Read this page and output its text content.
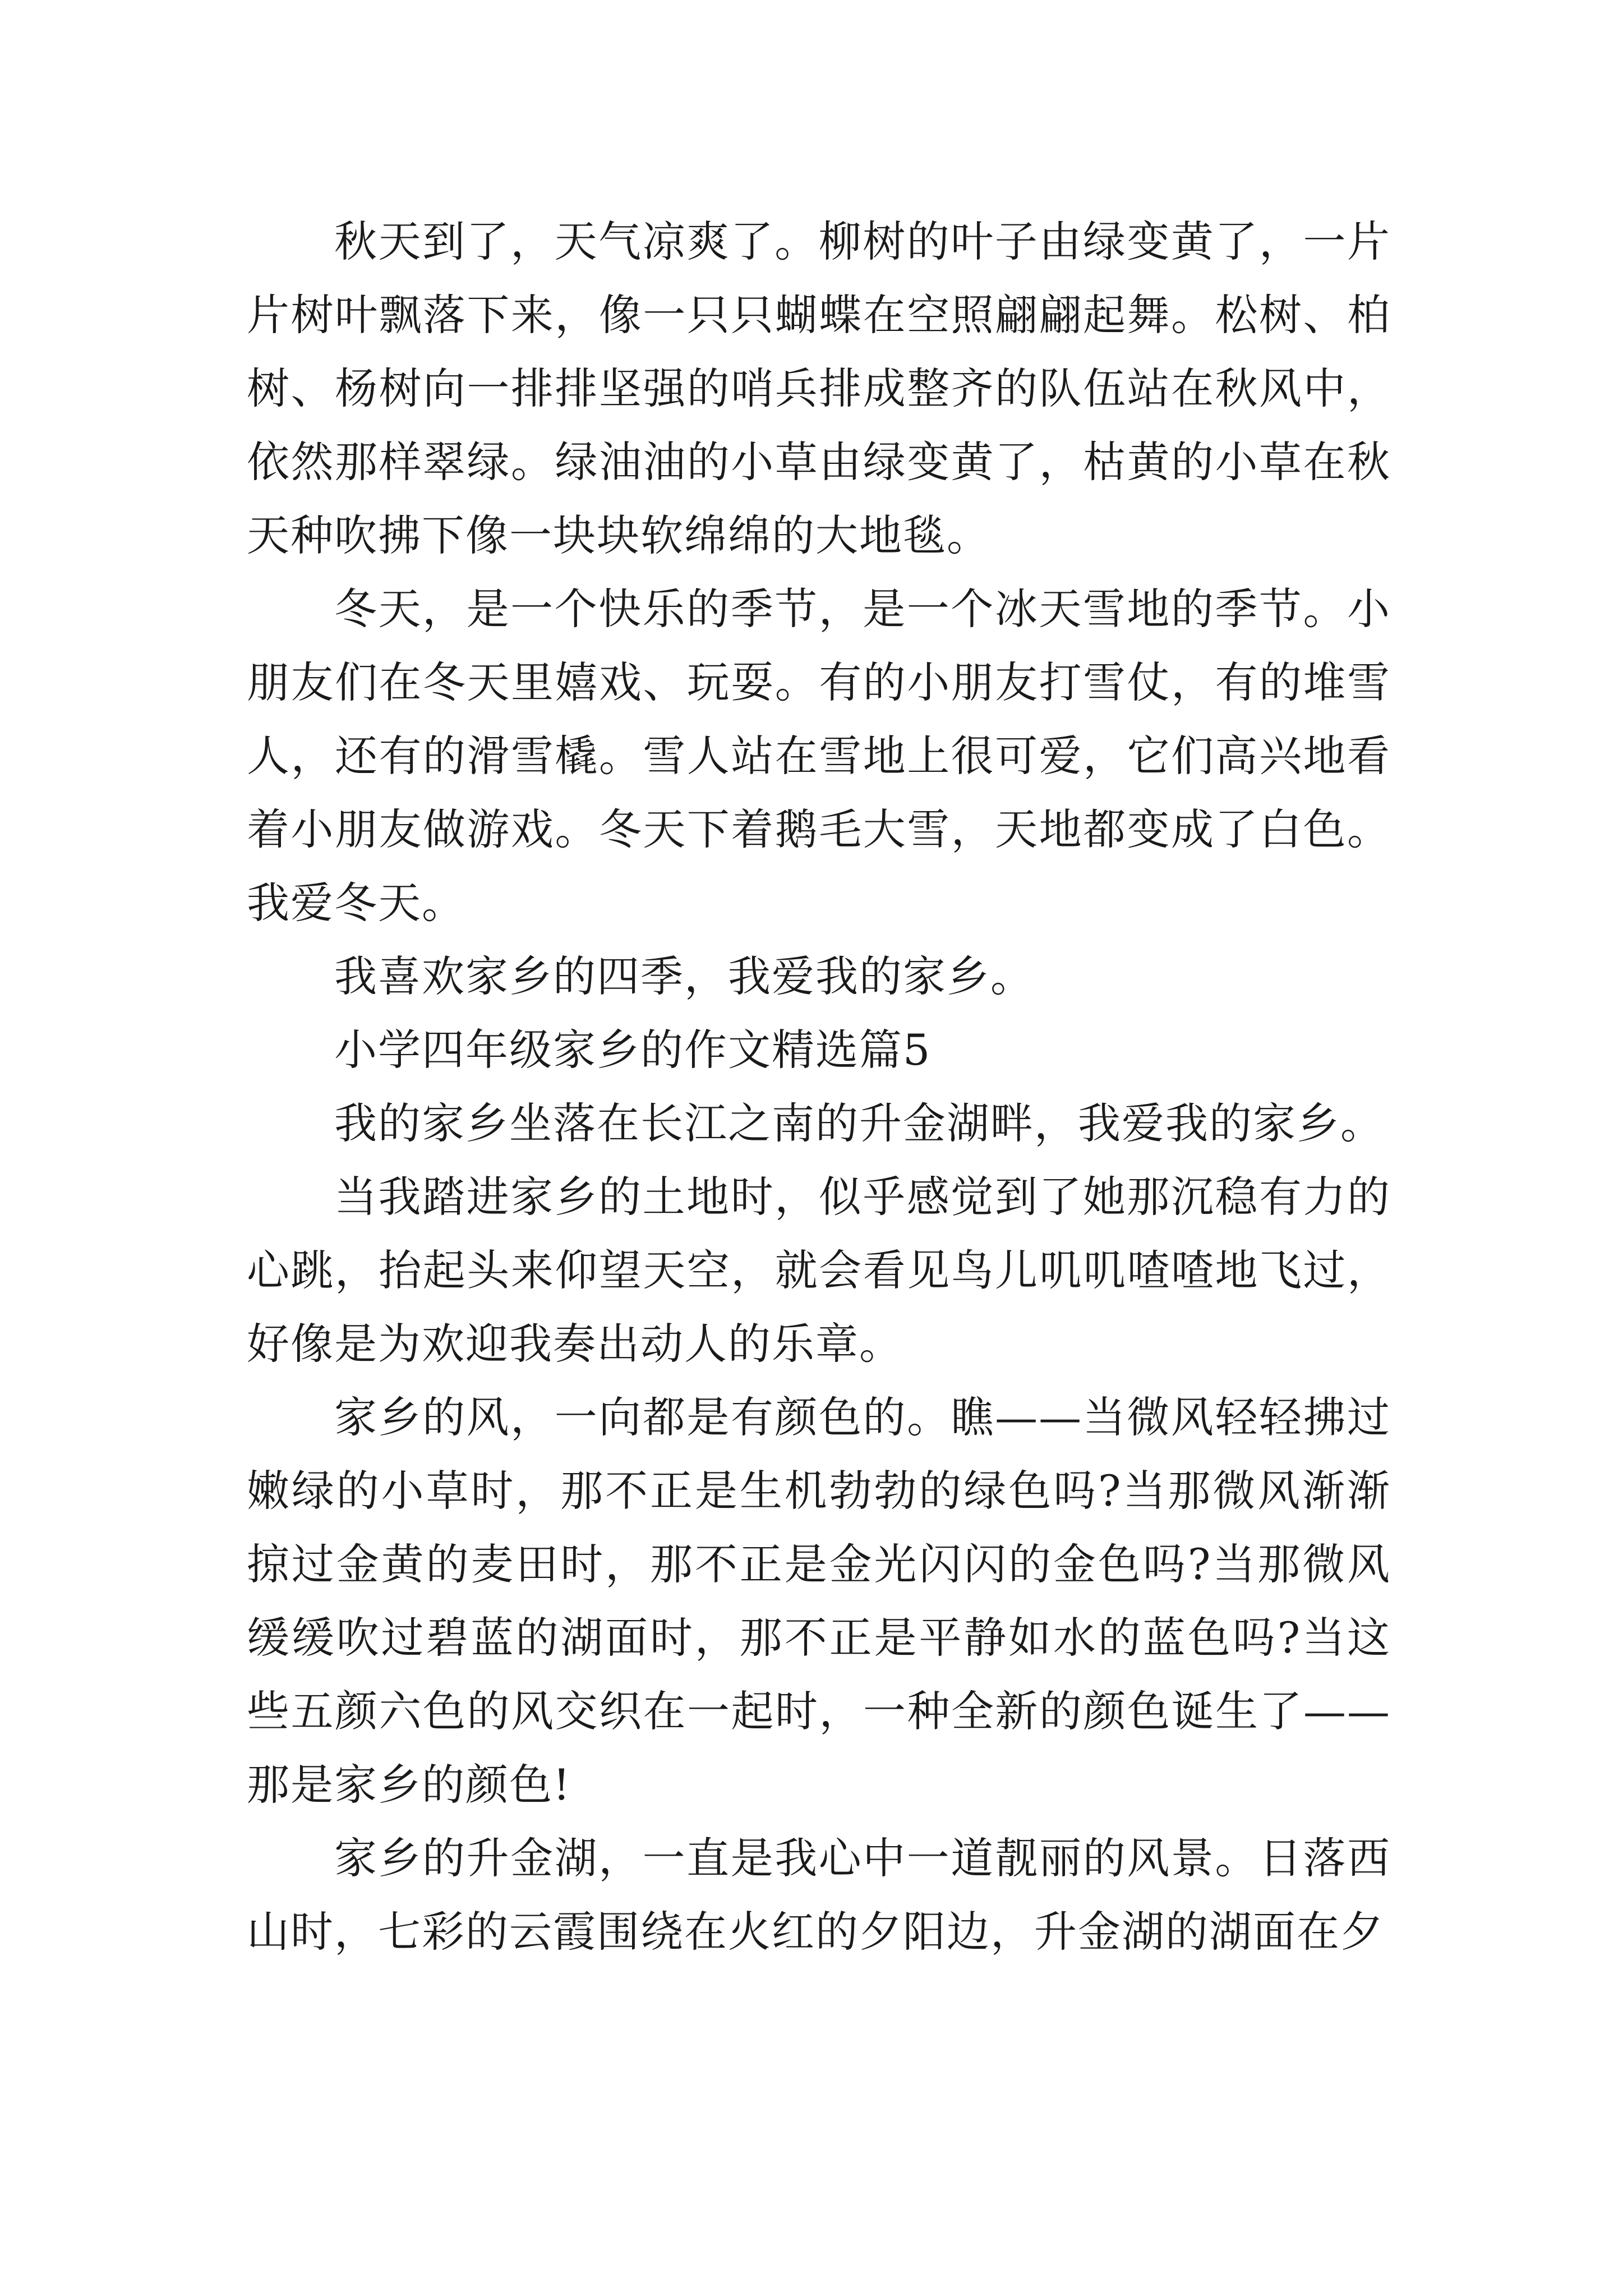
秋天到了，天气凉爽了。柳树的叶子由绿变黄了，一片片树叶飘落下来，像一只只蝴蝶在空照翩翩起舞。松树、柏树、杨树向一排排坚强的哨兵排成整齐的队伍站在秋风中，依然那样翠绿。绿油油的小草由绿变黄了，枯黄的小草在秋天种吹拂下像一块块软绵绵的大地毯。

冬天，是一个快乐的季节，是一个冰天雪地的季节。小朋友们在冬天里嬉戏、玩耍。有的小朋友打雪仗，有的堆雪人，还有的滑雪橇。雪人站在雪地上很可爱，它们高兴地看着小朋友做游戏。冬天下着鹅毛大雪，天地都变成了白色。我爱冬天。

我喜欢家乡的四季，我爱我的家乡。

小学四年级家乡的作文精选篇5

我的家乡坐落在长江之南的升金湖畔，我爱我的家乡。

当我踏进家乡的土地时，似乎感觉到了她那沉稳有力的心跳，抬起头来仰望天空，就会看见鸟儿叽叽喳喳地飞过，好像是为欢迎我奏出动人的乐章。

家乡的风，一向都是有颜色的。瞧——当微风轻轻拂过嫩绿的小草时，那不正是生机勃勃的绿色吗?当那微风渐渐掠过金黄的麦田时，那不正是金光闪闪的金色吗?当那微风缓缓吹过碧蓝的湖面时，那不正是平静如水的蓝色吗?当这些五颜六色的风交织在一起时，一种全新的颜色诞生了——那是家乡的颜色!

家乡的升金湖，一直是我心中一道靓丽的风景。日落西山时，七彩的云霞围绕在火红的夕阳边，升金湖的湖面在夕
